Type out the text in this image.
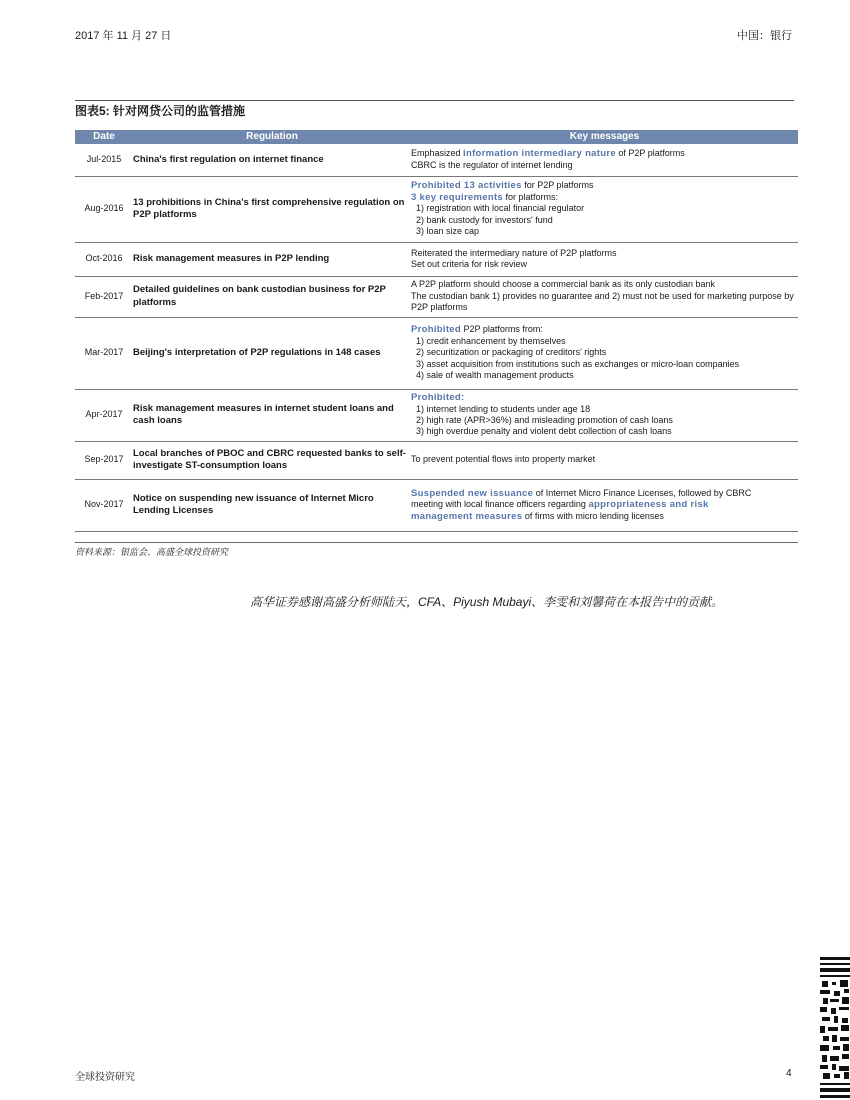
2017 年 11 月 27 日	中国：银行
图表5: 针对网贷公司的监管措施
Date	Regulation	Key messages
Jul-2015	China's first regulation on internet finance	Emphasized information intermediary nature of P2P platforms
CBRC is the regulator of internet lending

Aug-2016	13 prohibitions in China's first comprehensive regulation on P2P platforms	Prohibited 13 activities for P2P platforms
3 key requirements for platforms:
1) registration with local financial regulator
2) bank custody for investors' fund
3) loan size cap

Oct-2016	Risk management measures in P2P lending	Reiterated the intermediary nature of P2P platforms
Set out criteria for risk review

Feb-2017	Detailed guidelines on bank custodian business for P2P platforms	A P2P platform should choose a commercial bank as its only custodian bank
The custodian bank 1) provides no guarantee and 2) must not be used for marketing purpose by P2P platforms

Mar-2017	Beijing's interpretation of P2P regulations in 148 cases	Prohibited P2P platforms from:
1) credit enhancement by themselves
2) securitization or packaging of creditors' rights
3) asset acquisition from institutions such as exchanges or micro-loan companies
4) sale of wealth management products

Apr-2017	Risk management measures in internet student loans and cash loans	Prohibited:
1) internet lending to students under age 18
2) high rate (APR>36%) and misleading promotion of cash loans
3) high overdue penalty and violent debt collection of cash loans

Sep-2017	Local branches of PBOC and CBRC requested banks to self-investigate ST-consumption loans	To prevent potential flows into property market

Nov-2017	Notice on suspending new issuance of Internet Micro Lending Licenses	Suspended new issuance of Internet Micro Finance Licenses, followed by CBRC
meeting with local finance officers regarding appropriateness and risk
management measures of firms with micro lending licenses
资料来源：银监会、高盛全球投资研究
高华证券感谢高盛分析师陆天，CFA、Piyush Mubayi、李雯和刘馨荷在本报告中的贡献。
全球投资研究	4
